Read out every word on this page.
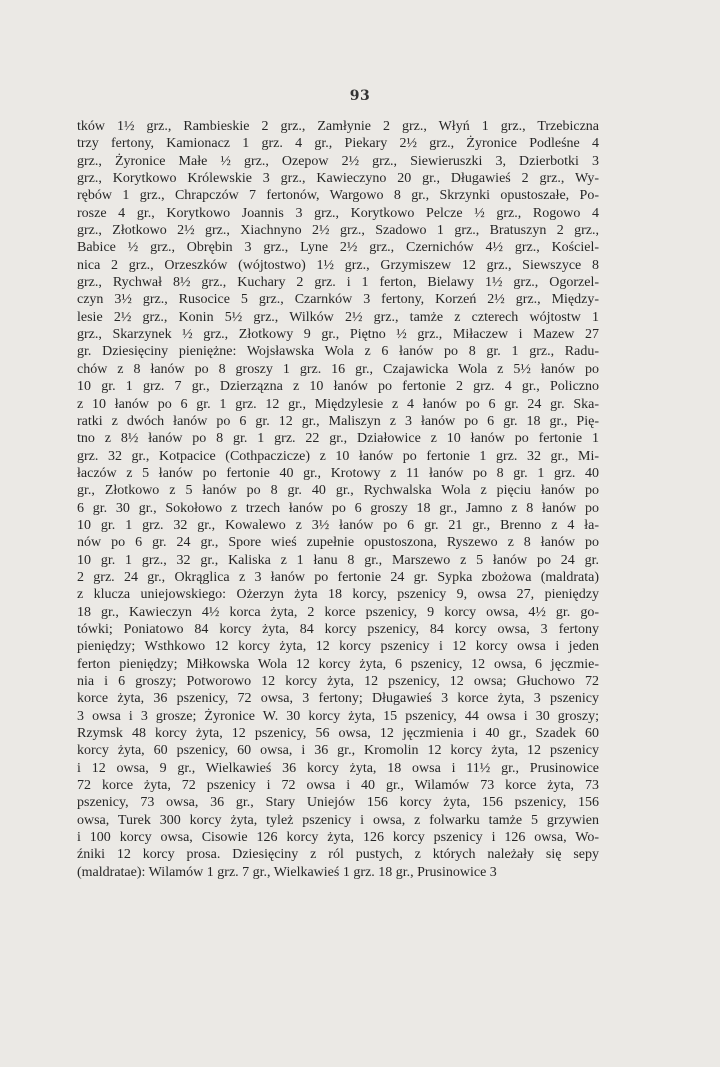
93
tków 1½ grz., Rambieskie 2 grz., Zamłynie 2 grz., Włyń 1 grz., Trzebiczna
trzy fertony, Kamionacz 1 grz. 4 gr., Piekary 2½ grz., Żyronice Podleśne 4
grz., Żyronice Małe ½ grz., Ozepow 2½ grz., Siewieruszki 3, Dzierbotki 3
grz., Korytkowo Królewskie 3 grz., Kawieczyno 20 gr., Długawieś 2 grz., Wy-
rębów 1 grz., Chrapczów 7 fertonów, Wargowo 8 gr., Skrzynki opustoszałe, Po-
rosze 4 gr., Korytkowo Joannis 3 grz., Korytkowo Pelcze ½ grz., Rogowo 4
grz., Złotkowo 2½ grz., Xiachnyno 2½ grz., Szadowo 1 grz., Bratuszyn 2 grz.,
Babice ½ grz., Obrębin 3 grz., Lyne 2½ grz., Czernichów 4½ grz., Kościel-
nica 2 grz., Orzeszków (wójtostwo) 1½ grz., Grzymiszew 12 grz., Siewszyce 8
grz., Rychwał 8½ grz., Kuchary 2 grz. i 1 ferton, Bielawy 1½ grz., Ogorzel-
czyn 3½ grz., Rusocice 5 grz., Czarnków 3 fertony, Korzeń 2½ grz., Między-
lesie 2½ grz., Konin 5½ grz., Wilków 2½ grz., tamże z czterech wójtostw 1
grz., Skarzynek ½ grz., Złotkowy 9 gr., Piętno ½ grz., Miłaczew i Mazew 27
gr. Dziesięciny pieniężne: Wojsławska Wola z 6 łanów po 8 gr. 1 grz., Radu-
chów z 8 łanów po 8 groszy 1 grz. 16 gr., Czajawicka Wola z 5½ łanów po
10 gr. 1 grz. 7 gr., Dzierzązna z 10 łanów po fertonie 2 grz. 4 gr., Policzno
z 10 łanów po 6 gr. 1 grz. 12 gr., Międzylesie z 4 łanów po 6 gr. 24 gr. Ska-
ratki z dwóch łanów po 6 gr. 12 gr., Maliszyn z 3 łanów po 6 gr. 18 gr., Pię-
tno z 8½ łanów po 8 gr. 1 grz. 22 gr., Działowice z 10 łanów po fertonie 1
grz. 32 gr., Kotpacice (Cothpaczicze) z 10 łanów po fertonie 1 grz. 32 gr., Mi-
łaczów z 5 łanów po fertonie 40 gr., Krotowy z 11 łanów po 8 gr. 1 grz. 40
gr., Złotkowo z 5 łanów po 8 gr. 40 gr., Rychwalska Wola z pięciu łanów po
6 gr. 30 gr., Sokołowo z trzech łanów po 6 groszy 18 gr., Jamno z 8 łanów po
10 gr. 1 grz. 32 gr., Kowalewo z 3½ łanów po 6 gr. 21 gr., Brenno z 4 ła-
nów po 6 gr. 24 gr., Spore wieś zupełnie opustoszona, Ryszewo z 8 łanów po
10 gr. 1 grz., 32 gr., Kaliska z 1 łanu 8 gr., Marszewo z 5 łanów po 24 gr.
2 grz. 24 gr., Okrąglica z 3 łanów po fertonie 24 gr. Sypka zbożowa (maldrata)
z klucza uniejowskiego: Ożerzyn żyta 18 korcy, pszenicy 9, owsa 27, pieniędzy
18 gr., Kawieczyn 4½ korca żyta, 2 korce pszenicy, 9 korcy owsa, 4½ gr. go-
tówki; Poniatowo 84 korcy żyta, 84 korcy pszenicy, 84 korcy owsa, 3 fertony
pieniędzy; Wsthkowo 12 korcy żyta, 12 korcy pszenicy i 12 korcy owsa i jeden
ferton pieniędzy; Miłkowska Wola 12 korcy żyta, 6 pszenicy, 12 owsa, 6 jęczmie-
nia i 6 groszy; Potworowo 12 korcy żyta, 12 pszenicy, 12 owsa; Głuchowo 72
korce żyta, 36 pszenicy, 72 owsa, 3 fertony; Długawieś 3 korce żyta, 3 pszenicy
3 owsa i 3 grosze; Żyronice W. 30 korcy żyta, 15 pszenicy, 44 owsa i 30 groszy;
Rzymsk 48 korcy żyta, 12 pszenicy, 56 owsa, 12 jęczmienia i 40 gr., Szadek 60
korcy żyta, 60 pszenicy, 60 owsa, i 36 gr., Kromolin 12 korcy żyta, 12 pszenicy
i 12 owsa, 9 gr., Wielkawieś 36 korcy żyta, 18 owsa i 11½ gr., Prusinowice
72 korce żyta, 72 pszenicy i 72 owsa i 40 gr., Wilamów 73 korce żyta, 73
pszenicy, 73 owsa, 36 gr., Stary Uniejów 156 korcy żyta, 156 pszenicy, 156
owsa, Turek 300 korcy żyta, tyleż pszenicy i owsa, z folwarku tamże 5 grzywien
i 100 korcy owsa, Cisowie 126 korcy żyta, 126 korcy pszenicy i 126 owsa, Wo-
źniki 12 korcy prosa. Dziesięciny z ról pustych, z których należały się sepy
(maldratae): Wilamów 1 grz. 7 gr., Wielkawieś 1 grz. 18 gr., Prusinowice 3
